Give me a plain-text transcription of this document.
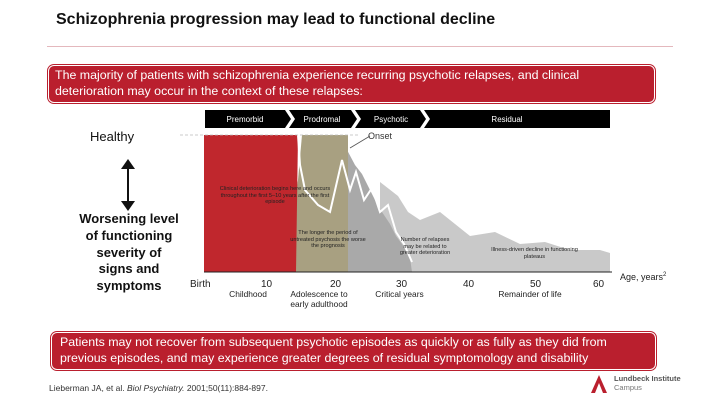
Schizophrenia progression may lead to functional decline
The majority of patients with schizophrenia experience recurring psychotic relapses, and clinical deterioration may occur in the context of these relapses:
Premorbid	Prodromal	Psychotic	Residual
Healthy
Worsening level of functioning severity of signs and symptoms
Onset
Clinical deterioration begins here and occurs throughout the first 5–10 years after the first episode
The longer the period of untreated psychosis the worse the prognosis
Number of relapses may be related to greater deterioration
Illness-driven decline in functioning plateaus
Birth	10	20	30	40	50	60
Childhood	Adolescence to early adulthood
Critical years	Remainder of life
Age, years$^2$
Patients may not recover from subsequent psychotic episodes as quickly or as fully as they did from previous episodes, and may experience greater degrees of residual symptomology and disability
Lieberman JA, et al. Biol Psychiatry. 2001;50(11):884-897.
Lundbeck Institute
Campus
